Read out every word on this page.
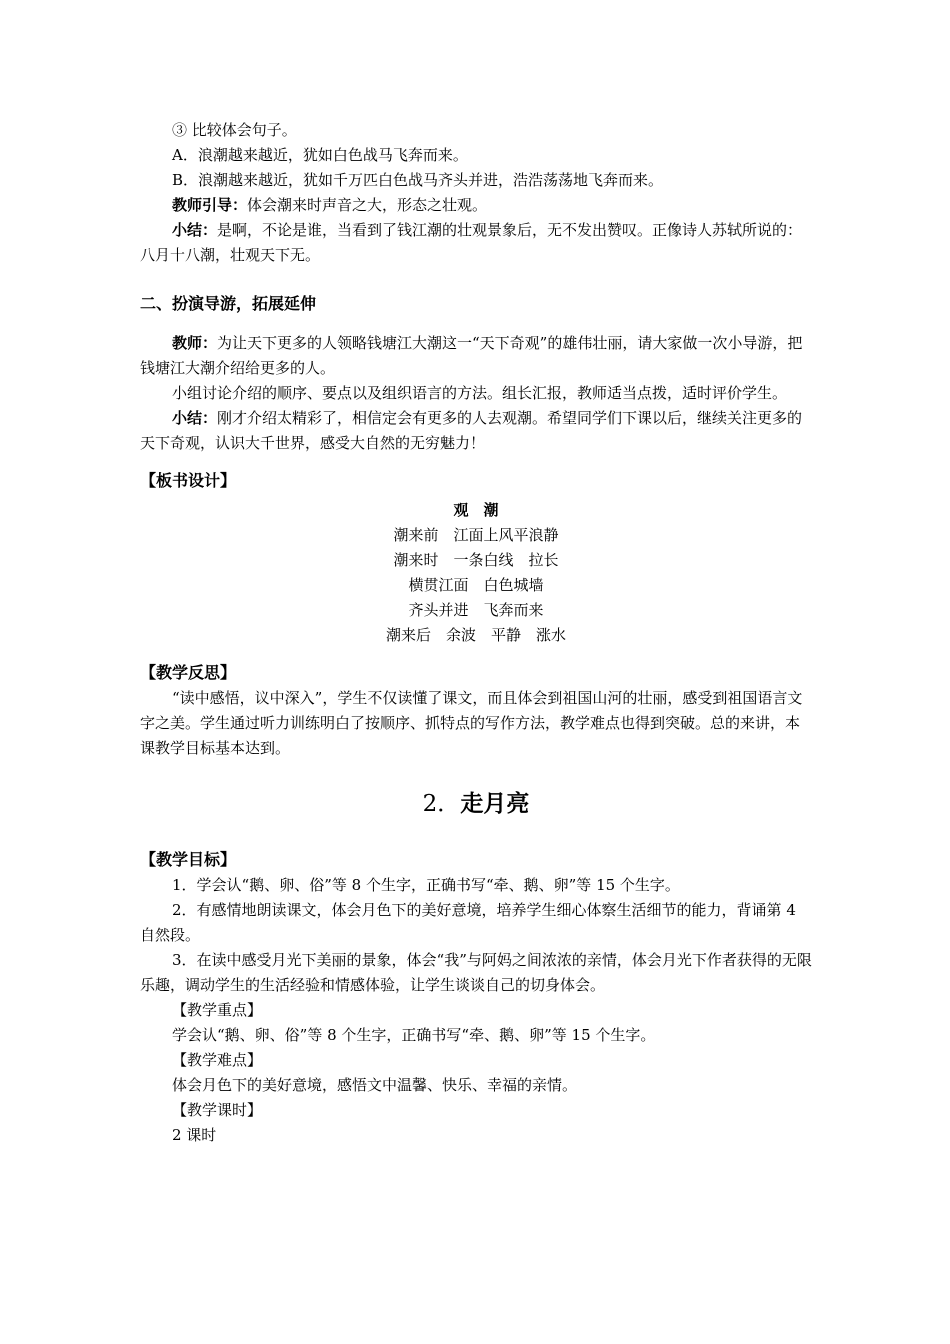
③ 比较体会句子。

A．浪潮越来越近，犹如白色战马飞奔而来。

B．浪潮越来越近，犹如千万匹白色战马齐头并进，浩浩荡荡地飞奔而来。

教师引导：体会潮来时声音之大，形态之壮观。

小结：是啊，不论是谁，当看到了钱江潮的壮观景象后，无不发出赞叹。正像诗人苏轼所说的：八月十八潮，壮观天下无。

二、扮演导游，拓展延伸

教师：为让天下更多的人领略钱塘江大潮这一“天下奇观”的雄伟壮丽，请大家做一次小导游，把钱塘江大潮介绍给更多的人。

小组讨论介绍的顺序、要点以及组织语言的方法。组长汇报，教师适当点拨，适时评价学生。

小结：刚才介绍太精彩了，相信定会有更多的人去观潮。希望同学们下课以后，继续关注更多的天下奇观，认识大千世界，感受大自然的无穷魅力！

【板书设计】

观　潮

潮来前　江面上风平浪静

潮来时　一条白线　拉长

横贯江面　白色城墙

齐头并进　飞奔而来

潮来后　余波　平静　涨水

【教学反思】

“读中感悟，议中深入”，学生不仅读懂了课文，而且体会到祖国山河的壮丽，感受到祖国语言文字之美。学生通过听力训练明白了按顺序、抓特点的写作方法，教学难点也得到突破。总的来讲，本课教学目标基本达到。

2．走月亮

【教学目标】

1．学会认“鹅、卵、俗”等 8 个生字，正确书写“牵、鹅、卵”等 15 个生字。

2．有感情地朗读课文，体会月色下的美好意境，培养学生细心体察生活细节的能力，背诵第 4 自然段。

3．在读中感受月光下美丽的景象，体会“我”与阿妈之间浓浓的亲情，体会月光下作者获得的无限乐趣，调动学生的生活经验和情感体验，让学生谈谈自己的切身体会。

【教学重点】

学会认“鹅、卵、俗”等 8 个生字，正确书写“牵、鹅、卵”等 15 个生字。

【教学难点】

体会月色下的美好意境，感悟文中温馨、快乐、幸福的亲情。

【教学课时】

2 课时
